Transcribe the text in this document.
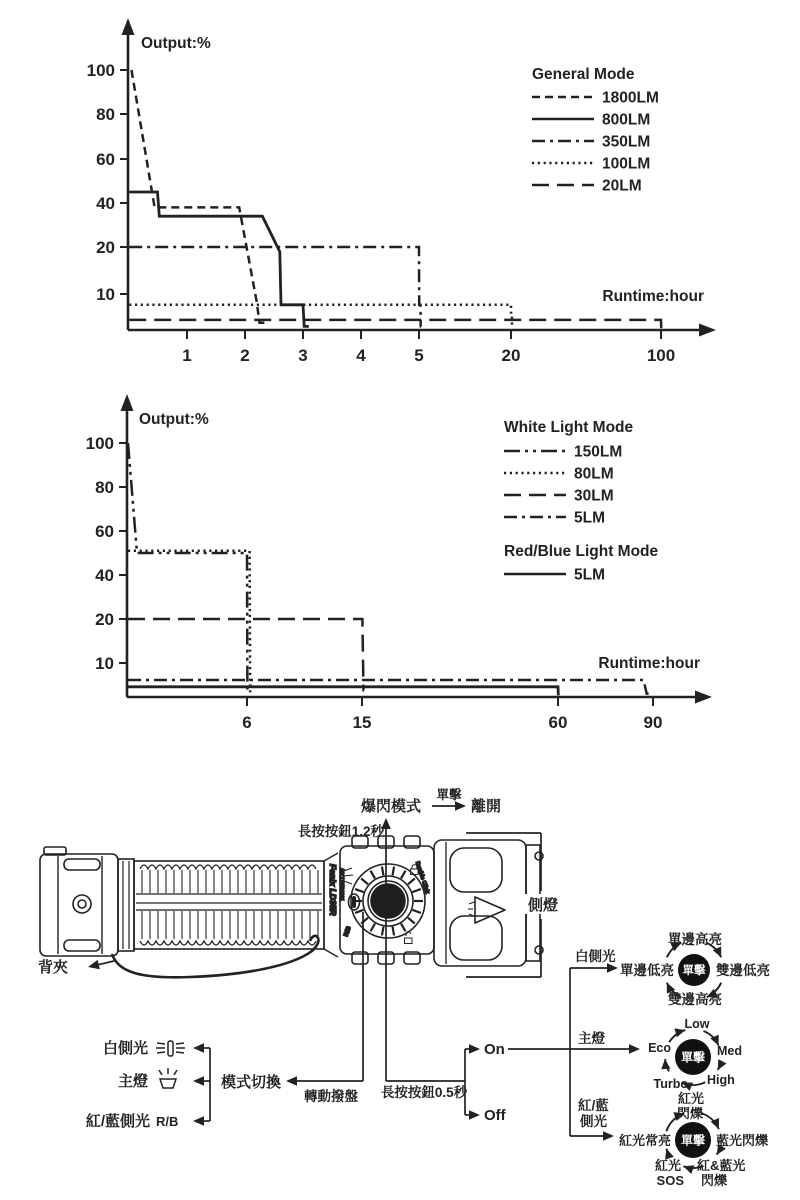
Output:%
Runtime:hour
100
80
60
40
20
10
1	2	3	4	5	20	100
General Mode
1800LM
800LM
350LM
100LM
20LM
Output:%
Runtime:hour
100
80
60
40
20
10
6	15	60	90
White Light Mode
150LM
80LM
30LM
5LM
Red/Blue Light Mode
5LM
Fenix LD35R A8CD6F00001
R/B
Double Click
長按按鈕1.2秒
爆閃模式
單擊
離開
側燈
背夾
白側光
主燈
紅/藍側光 R/B
模式切換
轉動撥盤 長按按鈕0.5秒
On
Off
白側光
主燈
紅/藍
側光
單擊
單邊高亮
雙邊低亮
雙邊高亮
單邊低亮
單擊
Low
Med
High
Turbo
Eco
單擊
紅光
閃爍
藍光閃爍
紅&藍光
閃爍
紅光
SOS
紅光常亮
